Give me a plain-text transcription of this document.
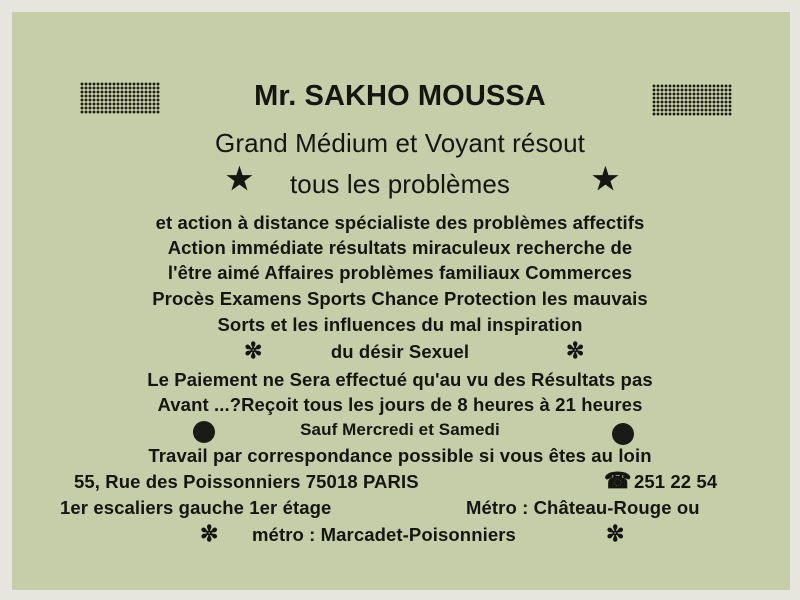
Mr. SAKHO MOUSSA
Grand Médium et Voyant résout
★	tous les problèmes	★
et action à distance spécialiste des problèmes affectifs
Action immédiate résultats miraculeux recherche de
l'être aimé Affaires problèmes familiaux Commerces
Procès Examens Sports Chance Protection les mauvais
Sorts et les influences du mal inspiration
✼	du désir Sexuel	✼
Le Paiement ne Sera effectué qu'au vu des Résultats pas
Avant ...?Reçoit tous les jours de 8 heures à 21 heures
Sauf Mercredi et Samedi
Travail par correspondance possible si vous êtes au loin
55, Rue des Poissonniers 75018 PARIS	☎ 251 22 54
1er escaliers gauche 1er étage	Métro : Château-Rouge ou
✼ métro : Marcadet-Poisonniers	✼
